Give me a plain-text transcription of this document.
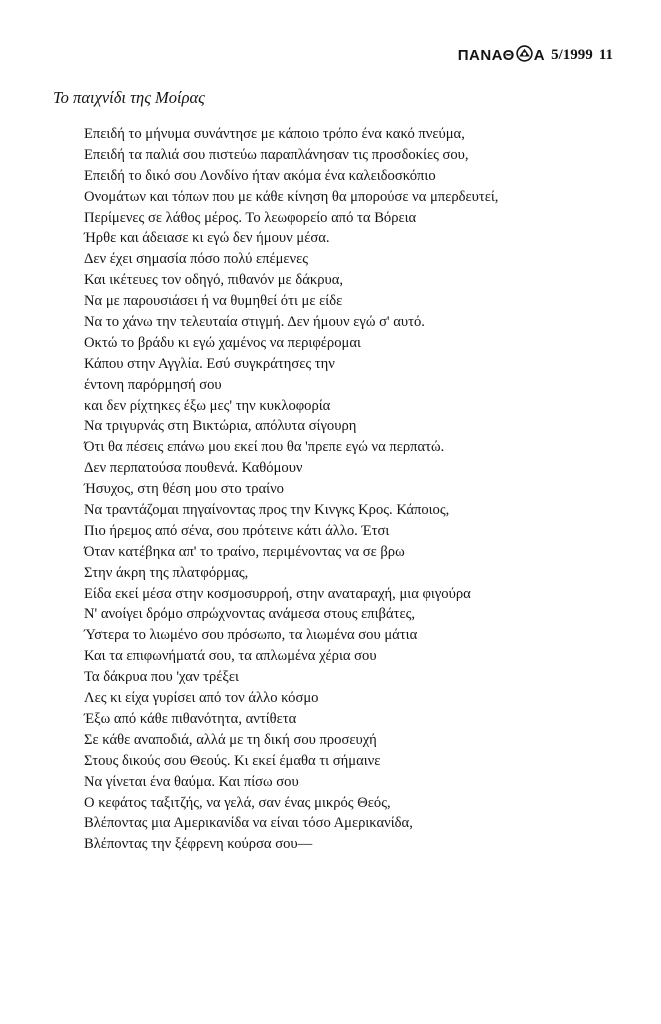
ΠΑΝΑΘ Α 5/1999 11
Το παιχνίδι της Μοίρας
Επειδή το μήνυμα συνάντησε με κάποιο τρόπο ένα κακό πνεύμα,
Επειδή τα παλιά σου πιστεύω παραπλάνησαν τις προσδοκίες σου,
Επειδή το δικό σου Λονδίνο ήταν ακόμα ένα καλειδοσκόπιο
Ονομάτων και τόπων που με κάθε κίνηση θα μπορούσε να μπερδευτεί,
Περίμενες σε λάθος μέρος. Το λεωφορείο από τα Βόρεια
Ήρθε και άδειασε κι εγώ δεν ήμουν μέσα.
Δεν έχει σημασία πόσο πολύ επέμενες
Και ικέτευες τον οδηγό, πιθανόν με δάκρυα,
Να με παρουσιάσει ή να θυμηθεί ότι με είδε
Να το χάνω την τελευταία στιγμή. Δεν ήμουν εγώ σ' αυτό.
Οκτώ το βράδυ κι εγώ χαμένος να περιφέρομαι
Κάπου στην Αγγλία. Εσύ συγκράτησες την
έντονη παρόρμησή σου
και δεν ρίχτηκες έξω μες' την κυκλοφορία
Να τριγυρνάς στη Βικτώρια, απόλυτα σίγουρη
Ότι θα πέσεις επάνω μου εκεί που θα 'πρεπε εγώ να περπατώ.
Δεν περπατούσα πουθενά. Καθόμουν
Ήσυχος, στη θέση μου στο τραίνο
Να τραντάζομαι πηγαίνοντας προς την Κινγκς Κρος. Κάποιος,
Πιο ήρεμος από σένα, σου πρότεινε κάτι άλλο. Έτσι
Όταν κατέβηκα απ' το τραίνο, περιμένοντας να σε βρω
Στην άκρη της πλατφόρμας,
Είδα εκεί μέσα στην κοσμοσυρροή, στην αναταραχή, μια φιγούρα
Ν' ανοίγει δρόμο σπρώχνοντας ανάμεσα στους επιβάτες,
Ύστερα το λιωμένο σου πρόσωπο, τα λιωμένα σου μάτια
Και τα επιφωνήματά σου, τα απλωμένα χέρια σου
Τα δάκρυα που 'χαν τρέξει
Λες κι είχα γυρίσει από τον άλλο κόσμο
Έξω από κάθε πιθανότητα, αντίθετα
Σε κάθε αναποδιά, αλλά με τη δική σου προσευχή
Στους δικούς σου Θεούς. Κι εκεί έμαθα τι σήμαινε
Να γίνεται ένα θαύμα. Και πίσω σου
Ο κεφάτος ταξιτζής, να γελά, σαν ένας μικρός Θεός,
Βλέποντας μια Αμερικανίδα να είναι τόσο Αμερικανίδα,
Βλέποντας την ξέφρενη κούρσα σου—
